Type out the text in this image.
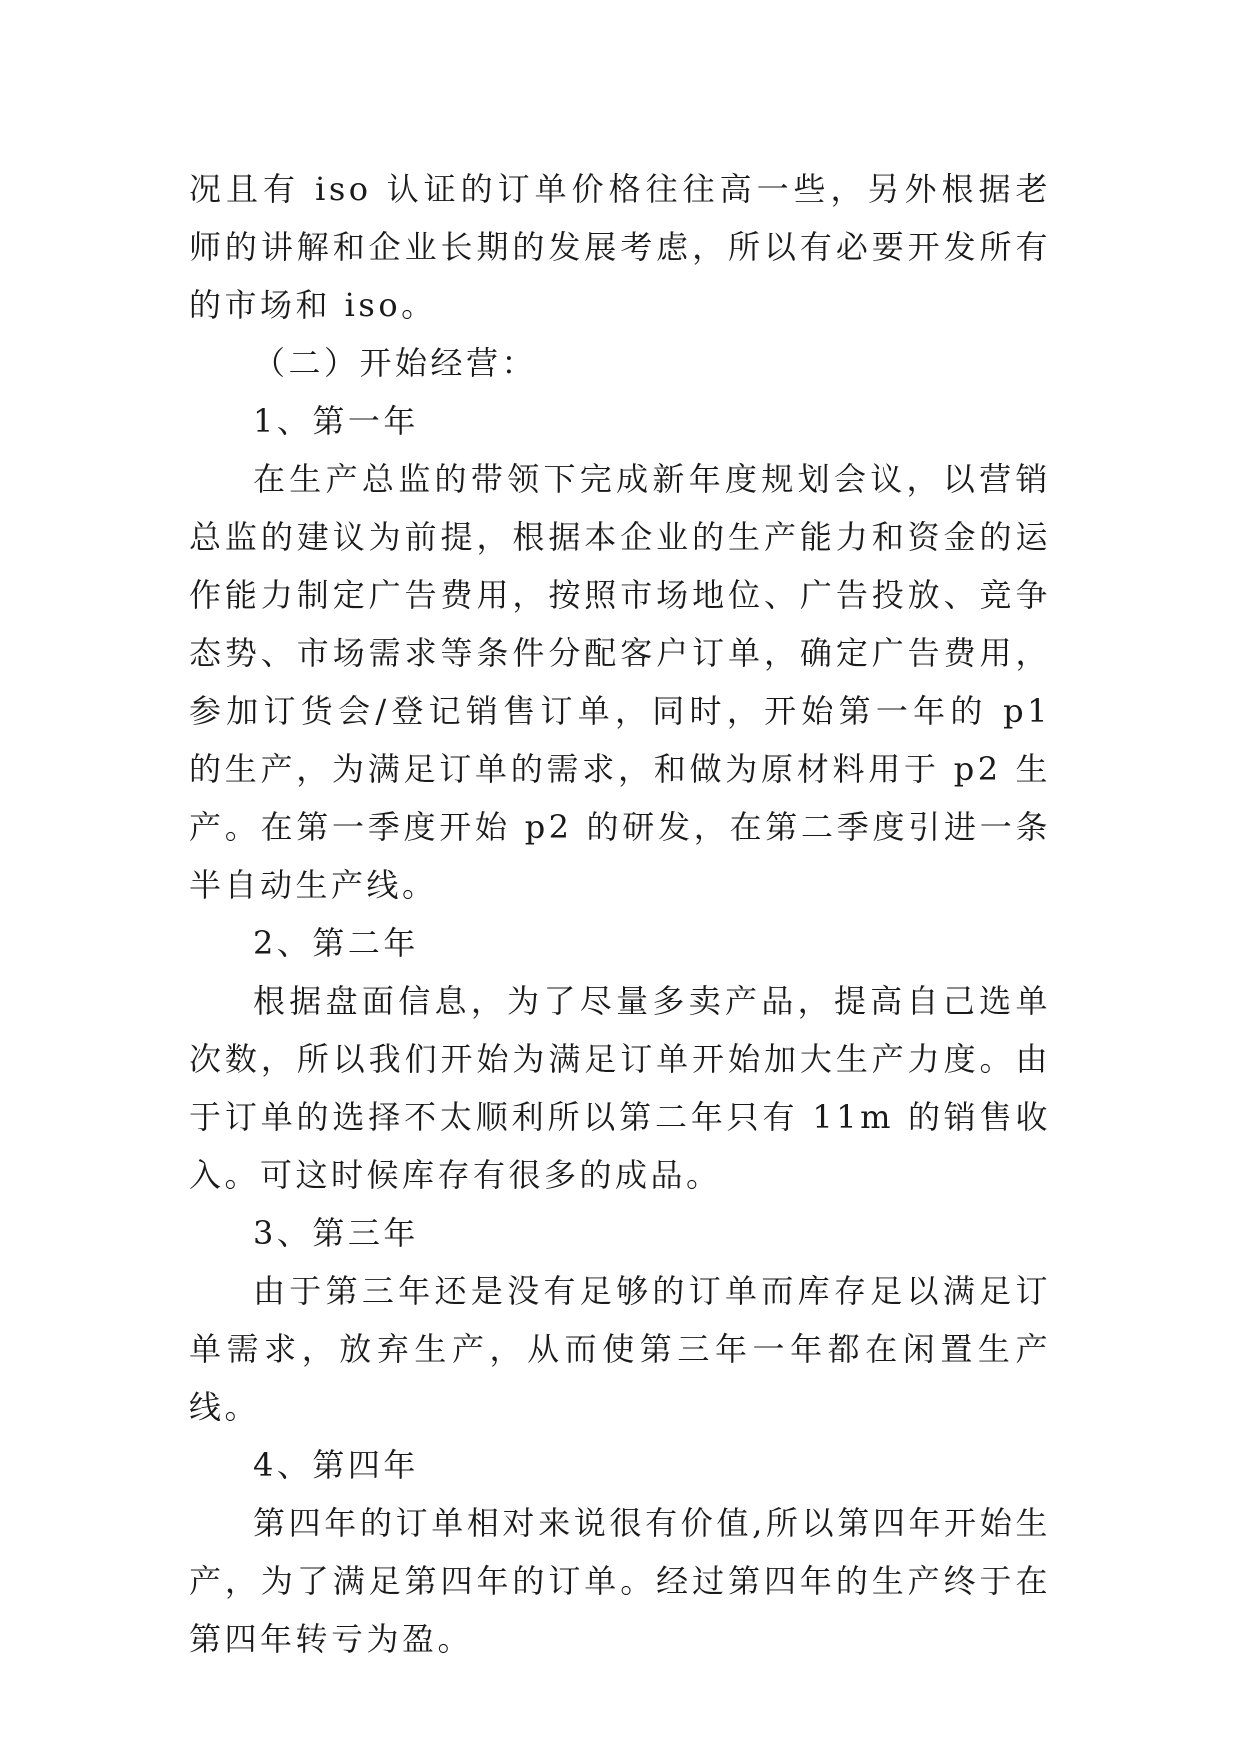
况且有 iso 认证的订单价格往往高一些，另外根据老师的讲解和企业长期的发展考虑，所以有必要开发所有的市场和 iso。

（二）开始经营：

1、第一年

在生产总监的带领下完成新年度规划会议，以营销总监的建议为前提，根据本企业的生产能力和资金的运作能力制定广告费用，按照市场地位、广告投放、竞争态势、市场需求等条件分配客户订单，确定广告费用，参加订货会/登记销售订单，同时，开始第一年的 p1 的生产，为满足订单的需求，和做为原材料用于 p2 生产。在第一季度开始 p2 的研发，在第二季度引进一条半自动生产线。

2、第二年

根据盘面信息，为了尽量多卖产品，提高自己选单次数，所以我们开始为满足订单开始加大生产力度。由于订单的选择不太顺利所以第二年只有 11m 的销售收入。可这时候库存有很多的成品。

3、第三年

由于第三年还是没有足够的订单而库存足以满足订单需求，放弃生产，从而使第三年一年都在闲置生产线。

4、第四年

第四年的订单相对来说很有价值,所以第四年开始生产，为了满足第四年的订单。经过第四年的生产终于在第四年转亏为盈。
